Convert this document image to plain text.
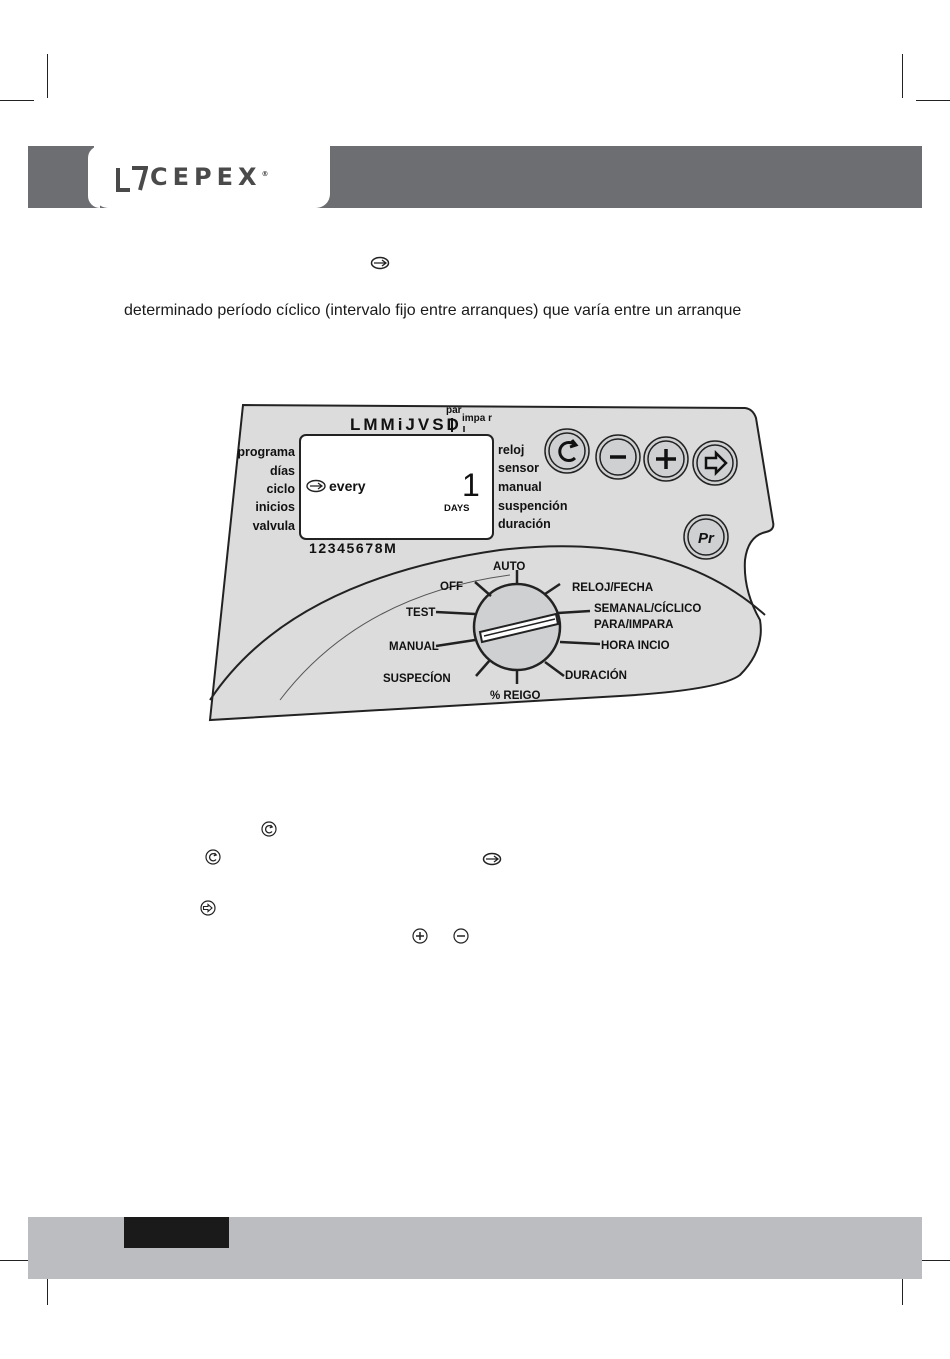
CEPEX®
determinado período cíclico (intervalo fijo entre arranques) que varía entre un arranque
LMMiJVSD
par
impa r
programa
días
ciclo
inicios
valvula
reloj
sensor
manual
suspención
duración
every	1
DAYS
12345678M
Pr
AUTO
OFF	RELOJ/FECHA
TEST	SEMANAL/CÍCLICO
PARA/IMPARA
MANUAL	HORA INCIO
SUSPECÍON	DURACIÓN
% REIGO
